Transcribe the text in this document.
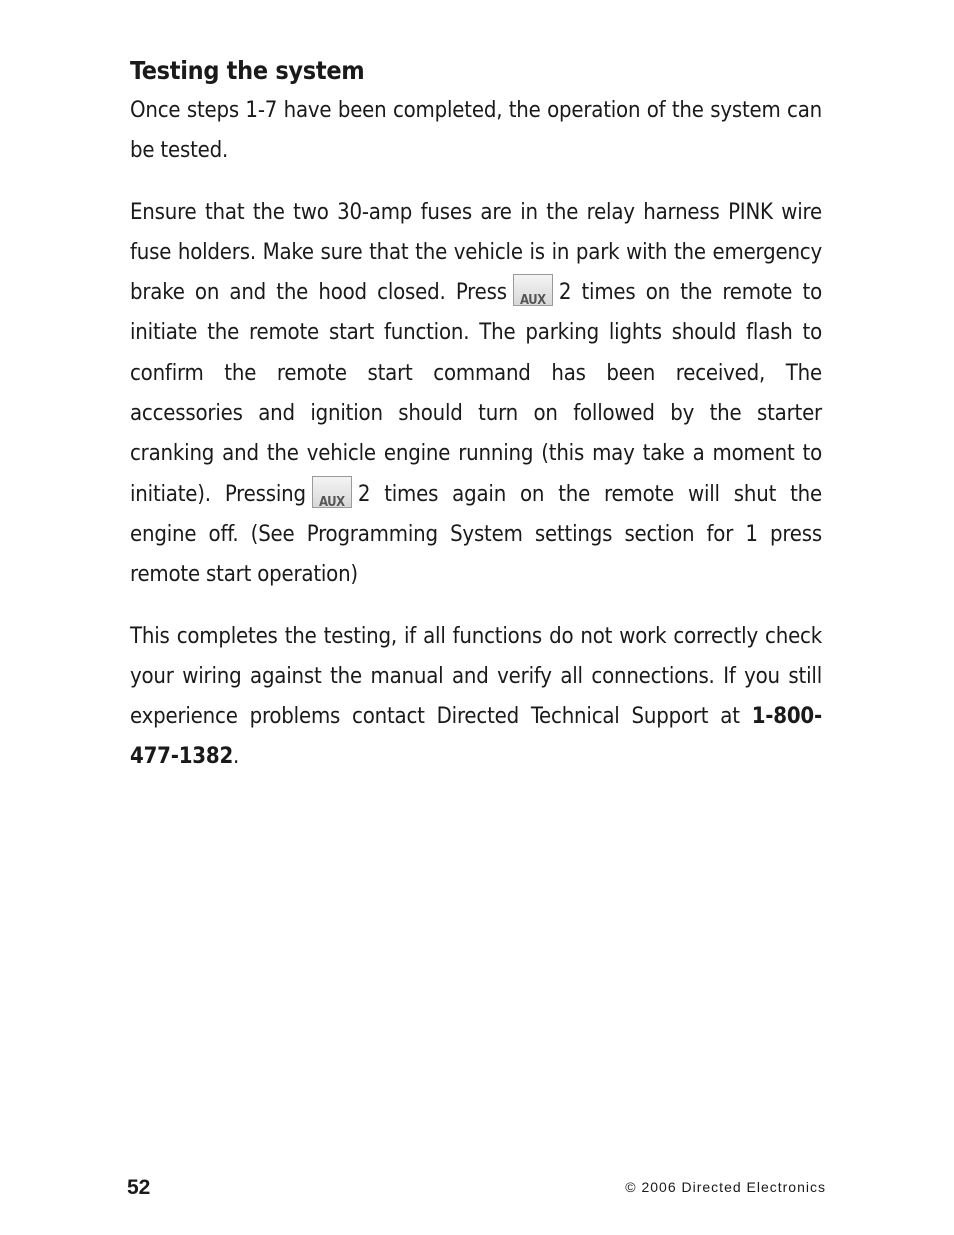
Testing the system

Once steps 1-7 have been completed, the operation of the system can be tested.

Ensure that the two 30-amp fuses are in the relay harness PINK wire fuse holders. Make sure that the vehicle is in park with the emergency brake on and the hood closed. Press	AUX 2 times on the remote to initiate the remote start function. The parking lights should flash to confirm the remote start command has been received, The accessories and ignition should turn on followed by the starter cranking and the vehicle engine running (this may take a moment to initiate). Pressing	AUX 2 times again on the remote will shut the engine off. (See Programming System settings section for 1 press remote start operation)

This completes the testing, if all functions do not work correctly check your wiring against the manual and verify all connections. If you still experience problems contact Directed Technical Support at 1-800-477-1382.

52	© 2006 Directed Electronics
